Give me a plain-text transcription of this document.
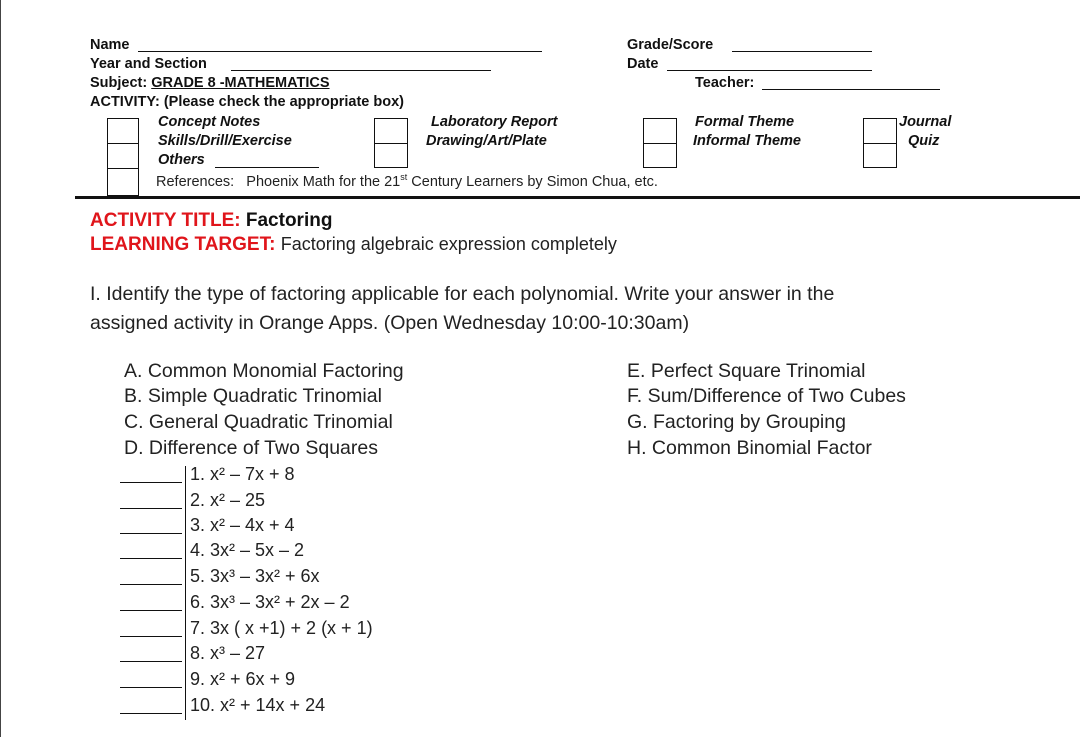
Name
Year and Section
Subject: GRADE 8 -MATHEMATICS
ACTIVITY: (Please check the appropriate box)
Grade/Score
Date
Teacher:
Concept Notes
Skills/Drill/Exercise
Others
Laboratory Report
Drawing/Art/Plate
Formal Theme
Informal Theme
Journal
Quiz
References: Phoenix Math for the 21st Century Learners by Simon Chua, etc.
ACTIVITY TITLE: Factoring
LEARNING TARGET: Factoring algebraic expression completely
I. Identify the type of factoring applicable for each polynomial. Write your answer in the
assigned activity in Orange Apps. (Open Wednesday 10:00-10:30am)
A. Common Monomial Factoring
B. Simple Quadratic Trinomial
C. General Quadratic Trinomial
D. Difference of Two Squares
E. Perfect Square Trinomial
F. Sum/Difference of Two Cubes
G. Factoring by Grouping
H. Common Binomial Factor
1. x² – 7x + 8
2. x² – 25
3. x² – 4x + 4
4. 3x² – 5x – 2
5. 3x³ – 3x² + 6x
6. 3x³ – 3x² + 2x – 2
7. 3x ( x +1) + 2 (x + 1)
8. x³ – 27
9. x² + 6x + 9
10. x² + 14x + 24
